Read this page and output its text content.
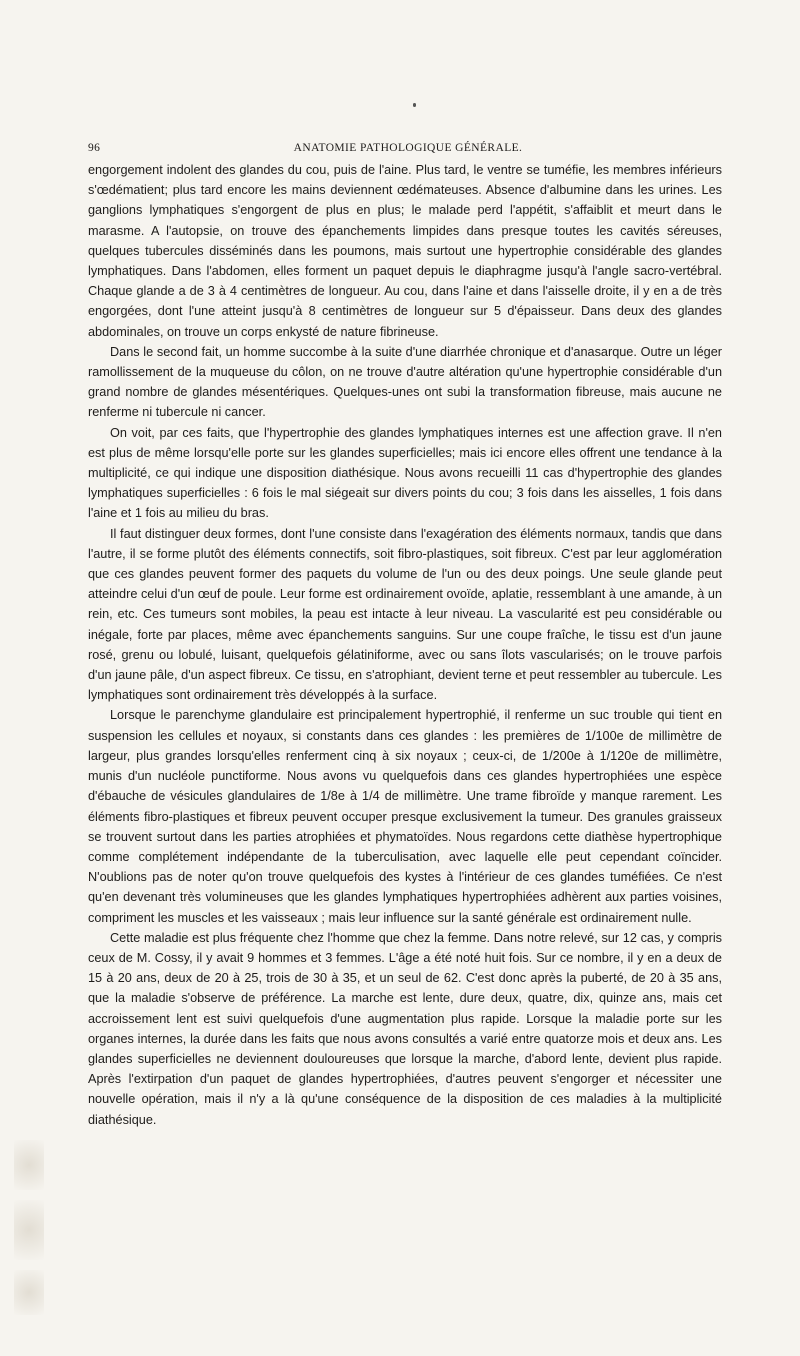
96	ANATOMIE PATHOLOGIQUE GÉNÉRALE.

engorgement indolent des glandes du cou, puis de l'aine. Plus tard, le ventre se tuméfie, les membres inférieurs s'œdématient; plus tard encore les mains deviennent œdémateuses. Absence d'albumine dans les urines. Les ganglions lymphatiques s'engorgent de plus en plus; le malade perd l'appétit, s'affaiblit et meurt dans le marasme. A l'autopsie, on trouve des épanchements limpides dans presque toutes les cavités séreuses, quelques tubercules disséminés dans les poumons, mais surtout une hypertrophie considérable des glandes lymphatiques. Dans l'abdomen, elles forment un paquet depuis le diaphragme jusqu'à l'angle sacro-vertébral. Chaque glande a de 3 à 4 centimètres de longueur. Au cou, dans l'aine et dans l'aisselle droite, il y en a de très engorgées, dont l'une atteint jusqu'à 8 centimètres de longueur sur 5 d'épaisseur. Dans deux des glandes abdominales, on trouve un corps enkysté de nature fibrineuse.

Dans le second fait, un homme succombe à la suite d'une diarrhée chronique et d'anasarque. Outre un léger ramollissement de la muqueuse du côlon, on ne trouve d'autre altération qu'une hypertrophie considérable d'un grand nombre de glandes mésentériques. Quelques-unes ont subi la transformation fibreuse, mais aucune ne renferme ni tubercule ni cancer.

On voit, par ces faits, que l'hypertrophie des glandes lymphatiques internes est une affection grave. Il n'en est plus de même lorsqu'elle porte sur les glandes superficielles; mais ici encore elles offrent une tendance à la multiplicité, ce qui indique une disposition diathésique. Nous avons recueilli 11 cas d'hypertrophie des glandes lymphatiques superficielles : 6 fois le mal siégeait sur divers points du cou; 3 fois dans les aisselles, 1 fois dans l'aine et 1 fois au milieu du bras.

Il faut distinguer deux formes, dont l'une consiste dans l'exagération des éléments normaux, tandis que dans l'autre, il se forme plutôt des éléments connectifs, soit fibro-plastiques, soit fibreux. C'est par leur agglomération que ces glandes peuvent former des paquets du volume de l'un ou des deux poings. Une seule glande peut atteindre celui d'un œuf de poule. Leur forme est ordinairement ovoïde, aplatie, ressemblant à une amande, à un rein, etc. Ces tumeurs sont mobiles, la peau est intacte à leur niveau. La vascularité est peu considérable ou inégale, forte par places, même avec épanchements sanguins. Sur une coupe fraîche, le tissu est d'un jaune rosé, grenu ou lobulé, luisant, quelquefois gélatiniforme, avec ou sans îlots vascularisés; on le trouve parfois d'un jaune pâle, d'un aspect fibreux. Ce tissu, en s'atrophiant, devient terne et peut ressembler au tubercule. Les lymphatiques sont ordinairement très développés à la surface.

Lorsque le parenchyme glandulaire est principalement hypertrophié, il renferme un suc trouble qui tient en suspension les cellules et noyaux, si constants dans ces glandes : les premières de 1/100e de millimètre de largeur, plus grandes lorsqu'elles renferment cinq à six noyaux ; ceux-ci, de 1/200e à 1/120e de millimètre, munis d'un nucléole punctiforme. Nous avons vu quelquefois dans ces glandes hypertrophiées une espèce d'ébauche de vésicules glandulaires de 1/8e à 1/4 de millimètre. Une trame fibroïde y manque rarement. Les éléments fibro-plastiques et fibreux peuvent occuper presque exclusivement la tumeur. Des granules graisseux se trouvent surtout dans les parties atrophiées et phymatoïdes. Nous regardons cette diathèse hypertrophique comme complétement indépendante de la tuberculisation, avec laquelle elle peut cependant coïncider. N'oublions pas de noter qu'on trouve quelquefois des kystes à l'intérieur de ces glandes tuméfiées. Ce n'est qu'en devenant très volumineuses que les glandes lymphatiques hypertrophiées adhèrent aux parties voisines, compriment les muscles et les vaisseaux ; mais leur influence sur la santé générale est ordinairement nulle.

Cette maladie est plus fréquente chez l'homme que chez la femme. Dans notre relevé, sur 12 cas, y compris ceux de M. Cossy, il y avait 9 hommes et 3 femmes. L'âge a été noté huit fois. Sur ce nombre, il y en a deux de 15 à 20 ans, deux de 20 à 25, trois de 30 à 35, et un seul de 62. C'est donc après la puberté, de 20 à 35 ans, que la maladie s'observe de préférence. La marche est lente, dure deux, quatre, dix, quinze ans, mais cet accroissement lent est suivi quelquefois d'une augmentation plus rapide. Lorsque la maladie porte sur les organes internes, la durée dans les faits que nous avons consultés a varié entre quatorze mois et deux ans. Les glandes superficielles ne deviennent douloureuses que lorsque la marche, d'abord lente, devient plus rapide. Après l'extirpation d'un paquet de glandes hypertrophiées, d'autres peuvent s'engorger et nécessiter une nouvelle opération, mais il n'y a là qu'une conséquence de la disposition de ces maladies à la multiplicité diathésique.
